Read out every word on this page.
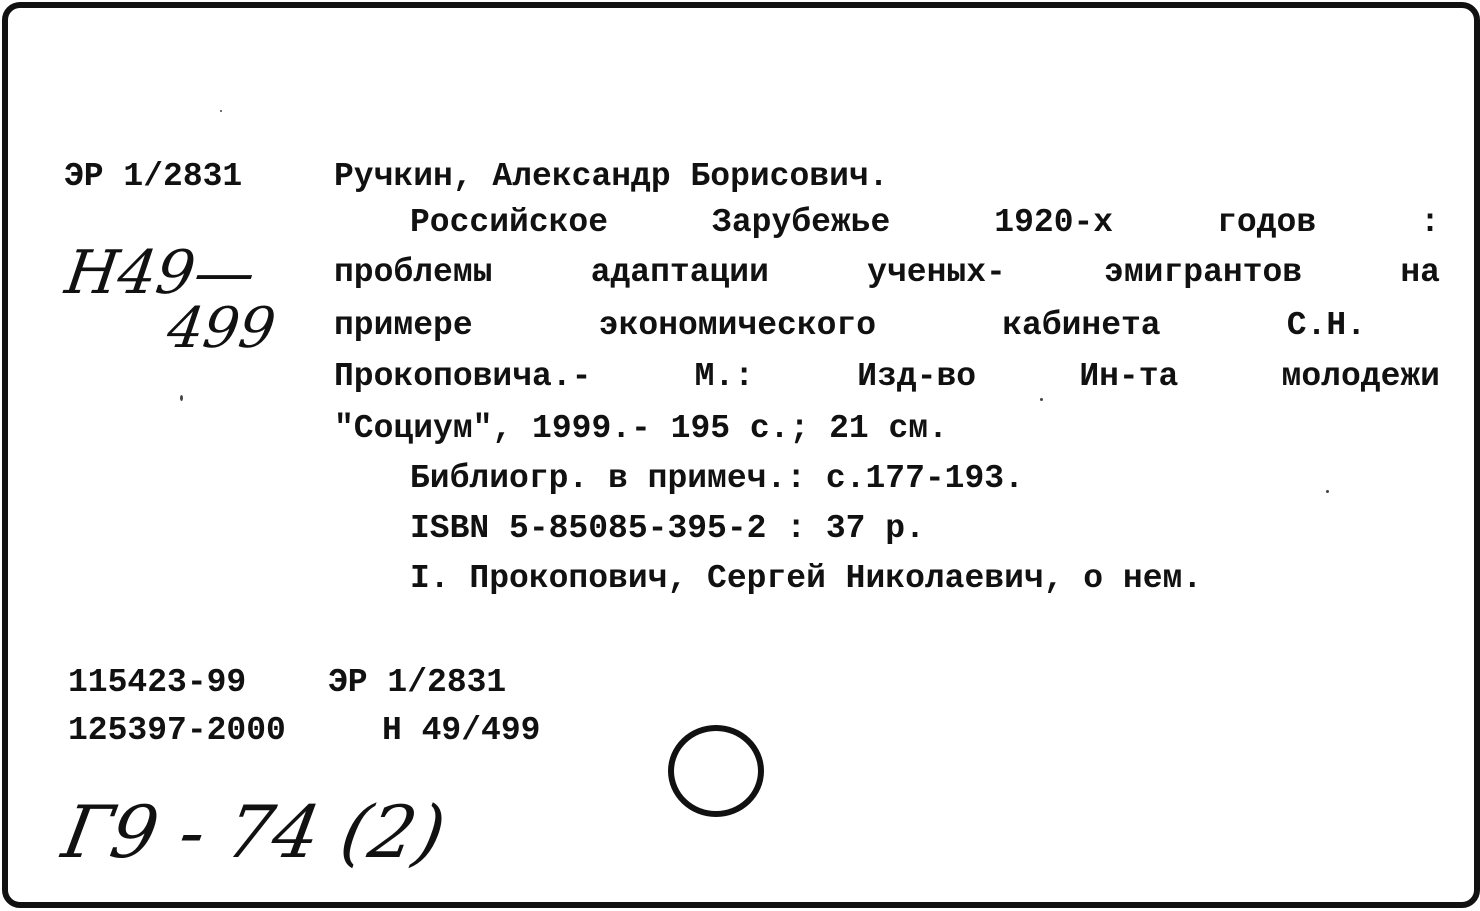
ЭР 1/2831	Ручкин, Александр Борисович.
Н49—
499
Российское	Зарубежье	1920-х	годов	:
проблемы	адаптации	ученых-	эмигрантов	на
примере	экономического	кабинета	С.Н.
Прокоповича.-	М.:	Изд-во	Ин-та	молодежи
"Социум", 1999.- 195 с.; 21 см.
Библиогр. в примеч.: с.177-193.
ISBN 5-85085-395-2 : 37 р.
I. Прокопович, Сергей Николаевич, о нем.
115423-99 ЭР 1/2831
125397-2000	Н 49/499
Г9 - 74 (2)
